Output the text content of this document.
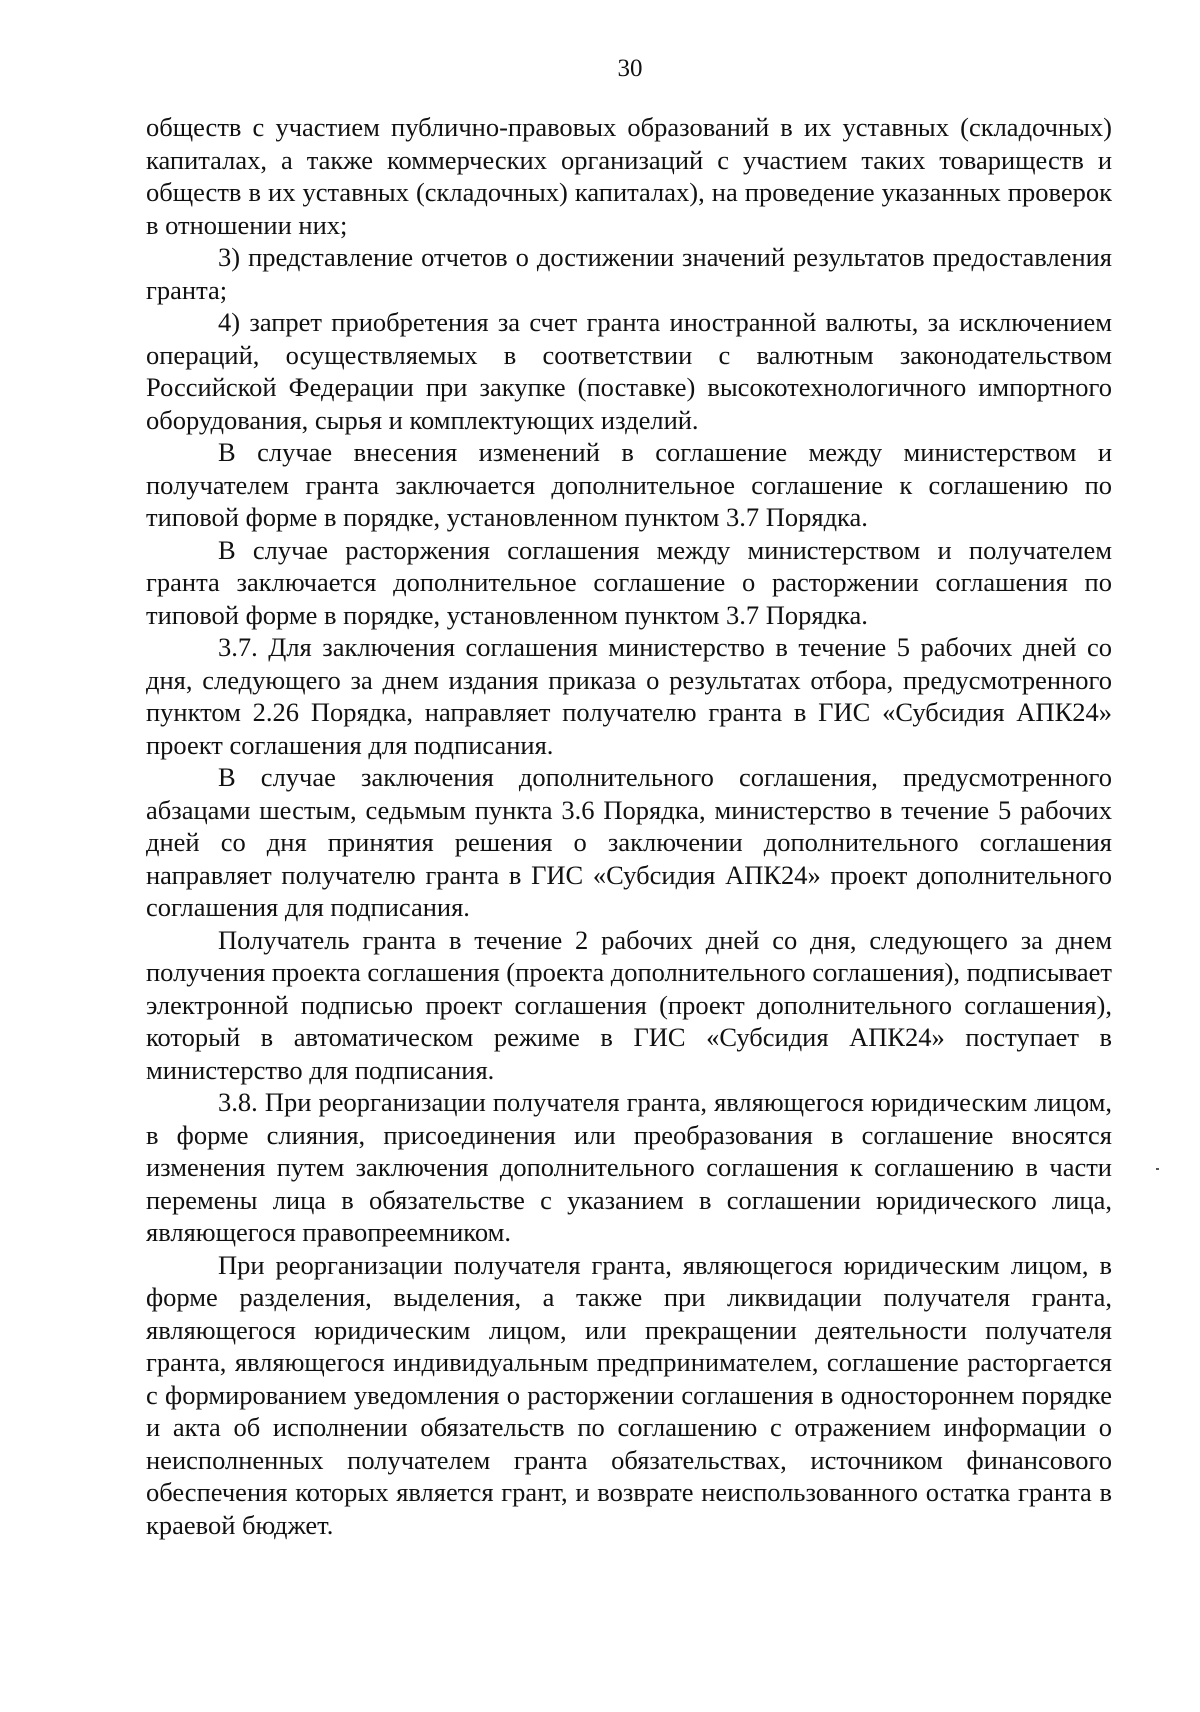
30

обществ с участием публично-правовых образований в их уставных (складочных) капиталах, а также коммерческих организаций с участием таких товариществ и обществ в их уставных (складочных) капиталах), на проведение указанных проверок в отношении них;

3) представление отчетов о достижении значений результатов предоставления гранта;

4) запрет приобретения за счет гранта иностранной валюты, за исключением операций, осуществляемых в соответствии с валютным законодательством Российской Федерации при закупке (поставке) высокотехнологичного импортного оборудования, сырья и комплектующих изделий.

В случае внесения изменений в соглашение между министерством и получателем гранта заключается дополнительное соглашение к соглашению по типовой форме в порядке, установленном пунктом 3.7 Порядка.

В случае расторжения соглашения между министерством и получателем гранта заключается дополнительное соглашение о расторжении соглашения по типовой форме в порядке, установленном пунктом 3.7 Порядка.

3.7. Для заключения соглашения министерство в течение 5 рабочих дней со дня, следующего за днем издания приказа о результатах отбора, предусмотренного пунктом 2.26 Порядка, направляет получателю гранта в ГИС «Субсидия АПК24» проект соглашения для подписания.

В случае заключения дополнительного соглашения, предусмотренного абзацами шестым, седьмым пункта 3.6 Порядка, министерство в течение 5 рабочих дней со дня принятия решения о заключении дополнительного соглашения направляет получателю гранта в ГИС «Субсидия АПК24» проект дополнительного соглашения для подписания.

Получатель гранта в течение 2 рабочих дней со дня, следующего за днем получения проекта соглашения (проекта дополнительного соглашения), подписывает электронной подписью проект соглашения (проект дополнительного соглашения), который в автоматическом режиме в ГИС «Субсидия АПК24» поступает в министерство для подписания.

3.8. При реорганизации получателя гранта, являющегося юридическим лицом, в форме слияния, присоединения или преобразования в соглашение вносятся изменения путем заключения дополнительного соглашения к соглашению в части перемены лица в обязательстве с указанием в соглашении юридического лица, являющегося правопреемником.

При реорганизации получателя гранта, являющегося юридическим лицом, в форме разделения, выделения, а также при ликвидации получателя гранта, являющегося юридическим лицом, или прекращении деятельности получателя гранта, являющегося индивидуальным предпринимателем, соглашение расторгается с формированием уведомления о расторжении соглашения в одностороннем порядке и акта об исполнении обязательств по соглашению с отражением информации о неисполненных получателем гранта обязательствах, источником финансового обеспечения которых является грант, и возврате неиспользованного остатка гранта в краевой бюджет.
